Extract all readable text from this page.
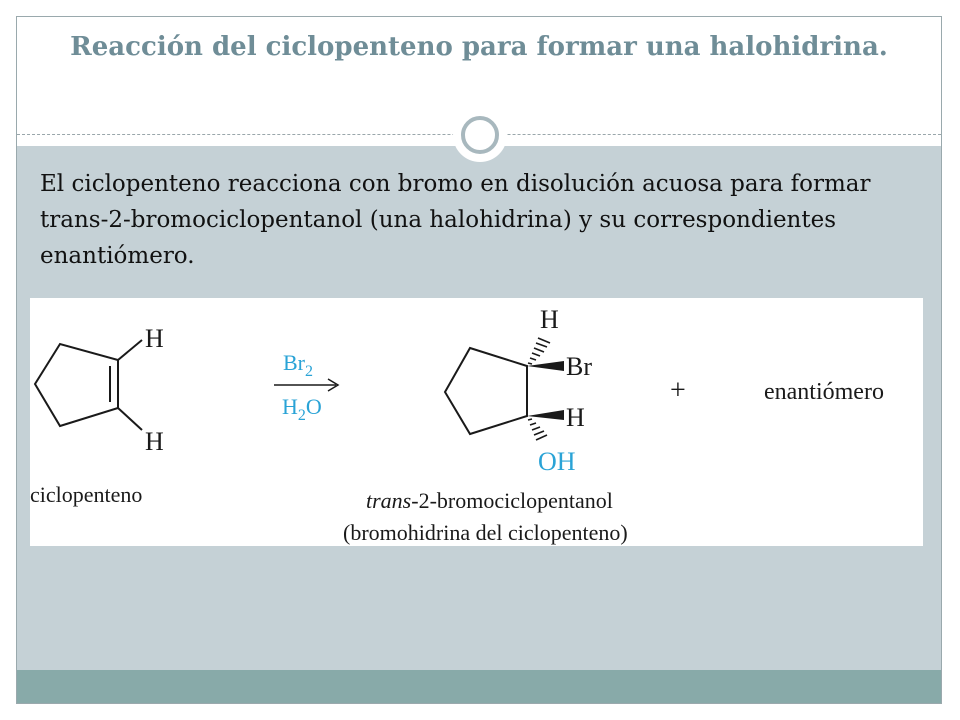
Reacción del ciclopenteno para formar una halohidrina.

El ciclopenteno reacciona con bromo en disolución acuosa para formar trans-2-bromociclopentanol (una halohidrina) y su correspondientes enantiómero.

H
H
ciclopenteno
$Br_2$
$H_2O$
H
Br
H
OH
trans-2-bromociclopentanol
(bromohidrina del ciclopenteno)
+	enantiómero
